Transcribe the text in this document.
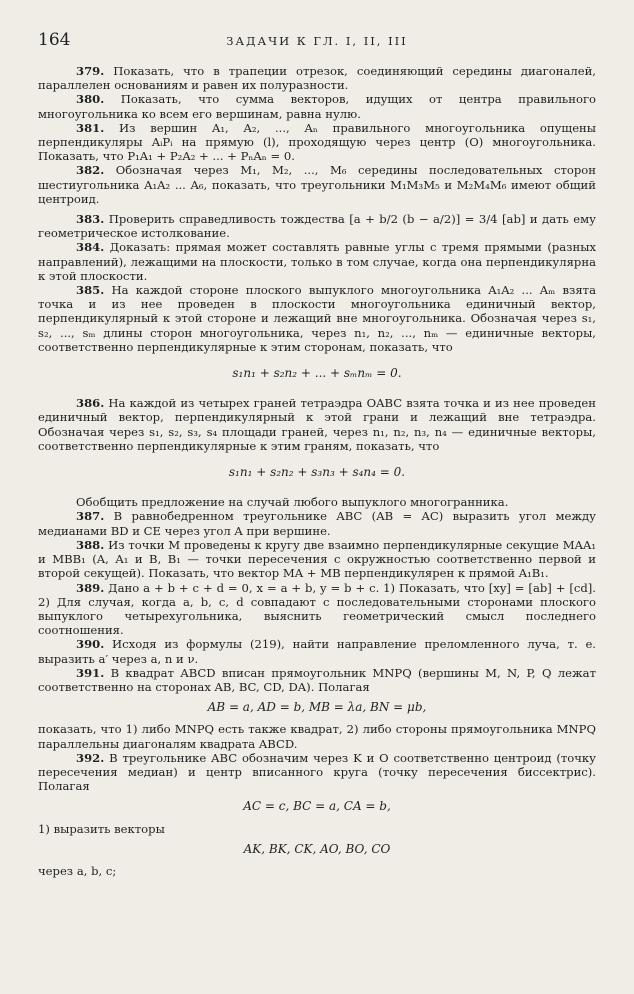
164	ЗАДАЧИ К ГЛ. I, II, III

379. Показать, что в трапеции отрезок, соединяющий середины диагоналей, параллелен основаниям и равен их полуразности.

380. Показать, что сумма векторов, идущих от центра правильного многоугольника ко всем его вершинам, равна нулю.

381. Из вершин A₁, A₂, ..., Aₙ правильного многоугольника опущены перпендикуляры AᵢPᵢ на прямую (l), проходящую через центр (O) многоугольника. Показать, что P₁A₁ + P₂A₂ + ... + PₙAₙ = 0.

382. Обозначая через M₁, M₂, ..., M₆ середины последовательных сторон шестиугольника A₁A₂ ... A₆, показать, что треугольники M₁M₃M₅ и M₂M₄M₆ имеют общий центроид.

383. Проверить справедливость тождества [a + b/2 (b − a/2)] = 3/4 [ab] и дать ему геометрическое истолкование.

384. Доказать: прямая может составлять равные углы с тремя прямыми (разных направлений), лежащими на плоскости, только в том случае, когда она перпендикулярна к этой плоскости.

385. На каждой стороне плоского выпуклого многоугольника A₁A₂ ... Aₘ взята точка и из нее проведен в плоскости многоугольника единичный вектор, перпендикулярный к этой стороне и лежащий вне многоугольника. Обозначая через s₁, s₂, ..., sₘ длины сторон многоугольника, через n₁, n₂, ..., nₘ — единичные векторы, соответственно перпендикулярные к этим сторонам, показать, что

s₁n₁ + s₂n₂ + ... + sₘnₘ = 0.

386. На каждой из четырех граней тетраэдра OABC взята точка и из нее проведен единичный вектор, перпендикулярный к этой грани и лежащий вне тетраэдра. Обозначая через s₁, s₂, s₃, s₄ площади граней, через n₁, n₂, n₃, n₄ — единичные векторы, соответственно перпендикулярные к этим граням, показать, что

s₁n₁ + s₂n₂ + s₃n₃ + s₄n₄ = 0.

Обобщить предложение на случай любого выпуклого многогранника.

387. В равнобедренном треугольнике ABC (AB = AC) выразить угол между медианами BD и CE через угол A при вершине.

388. Из точки M проведены к кругу две взаимно перпендикулярные секущие MAA₁ и MBB₁ (A, A₁ и B, B₁ — точки пересечения с окружностью соответственно первой и второй секущей). Показать, что вектор MA + MB перпендикулярен к прямой A₁B₁.

389. Дано a + b + c + d = 0, x = a + b, y = b + c. 1) Показать, что [xy] = [ab] + [cd]. 2) Для случая, когда a, b, c, d совпадают с последовательными сторонами плоского выпуклого четырехугольника, выяснить геометрический смысл последнего соотношения.

390. Исходя из формулы (219), найти направление преломленного луча, т. е. выразить a′ через a, n и ν.

391. В квадрат ABCD вписан прямоугольник MNPQ (вершины M, N, P, Q лежат соответственно на сторонах AB, BC, CD, DA). Полагая

AB = a, AD = b, MB = λa, BN = μb,

показать, что 1) либо MNPQ есть также квадрат, 2) либо стороны прямоугольника MNPQ параллельны диагоналям квадрата ABCD.

392. В треугольнике ABC обозначим через K и O соответственно центроид (точку пересечения медиан) и центр вписанного круга (точку пересечения биссектрис). Полагая

AC = c, BC = a, CA = b,

1) выразить векторы

AK, BK, CK, AO, BO, CO

через a, b, c;
